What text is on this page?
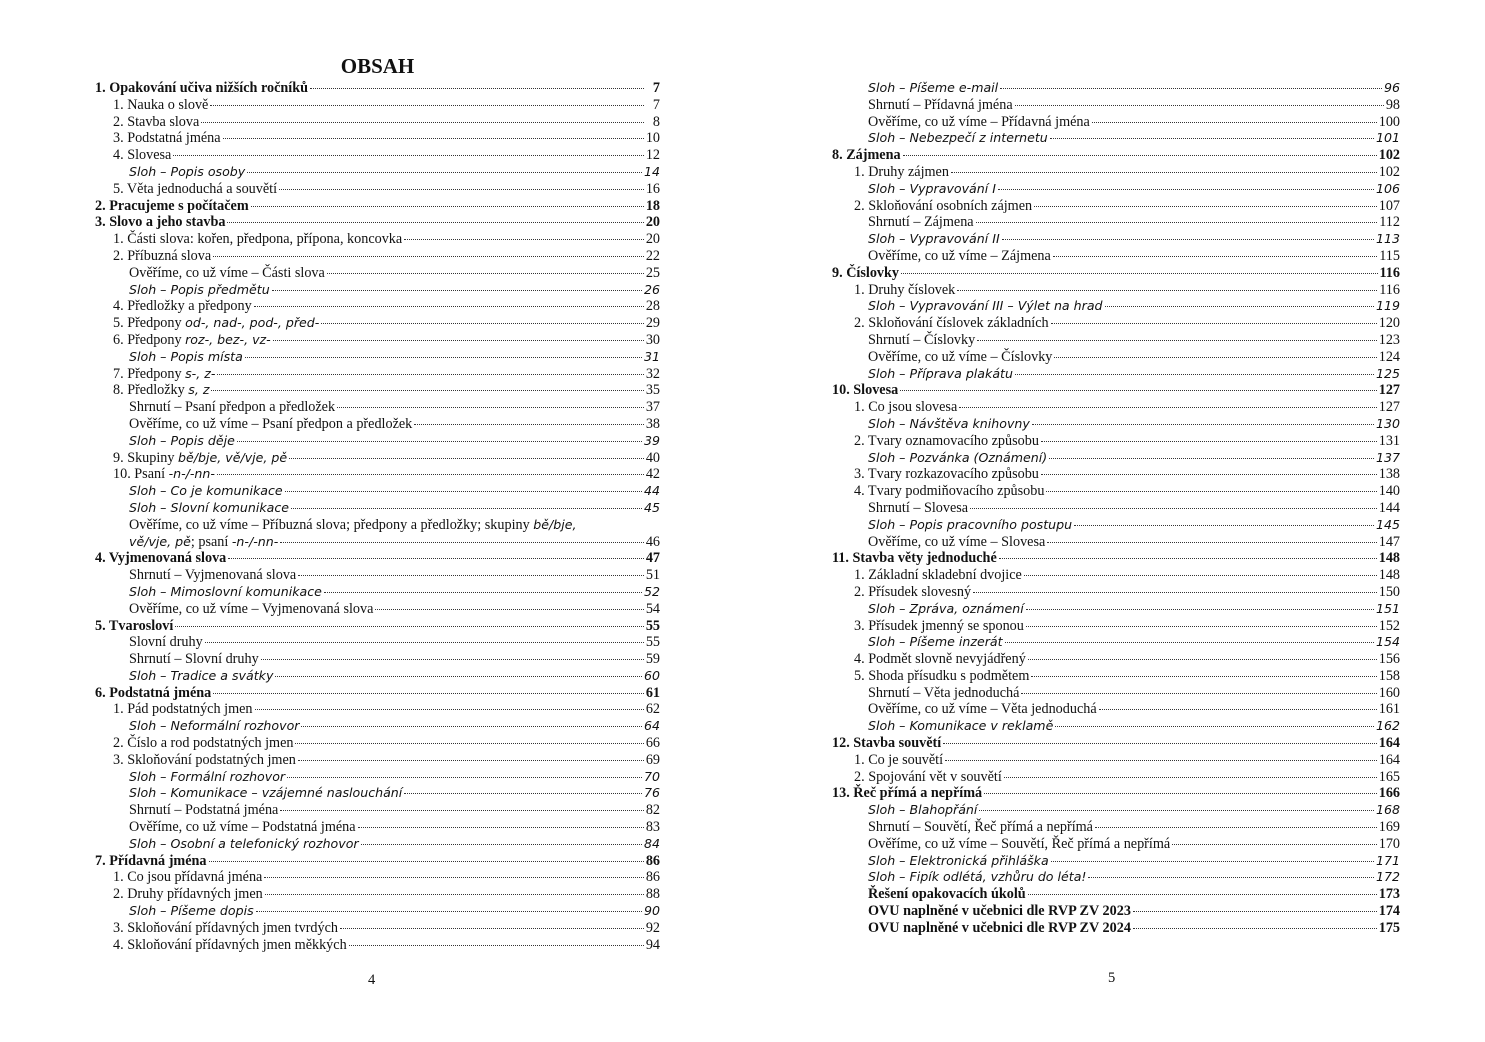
OBSAH
1. Opakování učiva nižších ročníků	7
1. Nauka o slově	7
2. Stavba slova	8
3. Podstatná jména	10
4. Slovesa	12
Sloh – Popis osoby	14
5. Věta jednoduchá a souvětí	16
2. Pracujeme s počítačem	18
3. Slovo a jeho stavba	20
1. Části slova: kořen, předpona, přípona, koncovka	20
2. Příbuzná slova	22
Ověříme, co už víme – Části slova	25
Sloh – Popis předmětu	26
4. Předložky a předpony	28
5. Předpony od-, nad-, pod-, před-	29
6. Předpony roz-, bez-, vz-	30
Sloh – Popis místa	31
7. Předpony s-, z-	32
8. Předložky s, z	35
Shrnutí – Psaní předpon a předložek	37
Ověříme, co už víme – Psaní předpon a předložek	38
Sloh – Popis děje	39
9. Skupiny bě/bje, vě/vje, pě	40
10. Psaní -n-/-nn-	42
Sloh – Co je komunikace	44
Sloh – Slovní komunikace	45
Ověříme, co už víme – Příbuzná slova; předpony a předložky; skupiny bě/bje,
vě/vje, pě; psaní -n-/-nn-	46
4. Vyjmenovaná slova	47
Shrnutí – Vyjmenovaná slova	51
Sloh – Mimoslovní komunikace	52
Ověříme, co už víme – Vyjmenovaná slova	54
5. Tvarosloví	55
Slovní druhy	55
Shrnutí – Slovní druhy	59
Sloh – Tradice a svátky	60
6. Podstatná jména	61
1. Pád podstatných jmen	62
Sloh – Neformální rozhovor	64
2. Číslo a rod podstatných jmen	66
3. Skloňování podstatných jmen	69
Sloh – Formální rozhovor	70
Sloh – Komunikace – vzájemné naslouchání	76
Shrnutí – Podstatná jména	82
Ověříme, co už víme – Podstatná jména	83
Sloh – Osobní a telefonický rozhovor	84
7. Přídavná jména	86
1. Co jsou přídavná jména	86
2. Druhy přídavných jmen	88
Sloh – Píšeme dopis	90
3. Skloňování přídavných jmen tvrdých	92
4. Skloňování přídavných jmen měkkých	94
Sloh – Píšeme e-mail	96
Shrnutí – Přídavná jména	98
Ověříme, co už víme – Přídavná jména	100
Sloh – Nebezpečí z internetu	101
8. Zájmena	102
1. Druhy zájmen	102
Sloh – Vypravování I	106
2. Skloňování osobních zájmen	107
Shrnutí – Zájmena	112
Sloh – Vypravování II	113
Ověříme, co už víme – Zájmena	115
9. Číslovky	116
1. Druhy číslovek	116
Sloh – Vypravování III – Výlet na hrad	119
2. Skloňování číslovek základních	120
Shrnutí – Číslovky	123
Ověříme, co už víme – Číslovky	124
Sloh – Příprava plakátu	125
10. Slovesa	127
1. Co jsou slovesa	127
Sloh – Návštěva knihovny	130
2. Tvary oznamovacího způsobu	131
Sloh – Pozvánka (Oznámení)	137
3. Tvary rozkazovacího způsobu	138
4. Tvary podmiňovacího způsobu	140
Shrnutí – Slovesa	144
Sloh – Popis pracovního postupu	145
Ověříme, co už víme – Slovesa	147
11. Stavba věty jednoduché	148
1. Základní skladební dvojice	148
2. Přísudek slovesný	150
Sloh – Zpráva, oznámení	151
3. Přísudek jmenný se sponou	152
Sloh – Píšeme inzerát	154
4. Podmět slovně nevyjádřený	156
5. Shoda přísudku s podmětem	158
Shrnutí – Věta jednoduchá	160
Ověříme, co už víme – Věta jednoduchá	161
Sloh – Komunikace v reklamě	162
12. Stavba souvětí	164
1. Co je souvětí	164
2. Spojování vět v souvětí	165
13. Řeč přímá a nepřímá	166
Sloh – Blahopřání	168
Shrnutí – Souvětí, Řeč přímá a nepřímá	169
Ověříme, co už víme – Souvětí, Řeč přímá a nepřímá	170
Sloh – Elektronická přihláška	171
Sloh – Fipík odlétá, vzhůru do léta!	172
Řešení opakovacích úkolů	173
OVU naplněné v učebnici dle RVP ZV 2023	174
OVU naplněné v učebnici dle RVP ZV 2024	175
4	5
